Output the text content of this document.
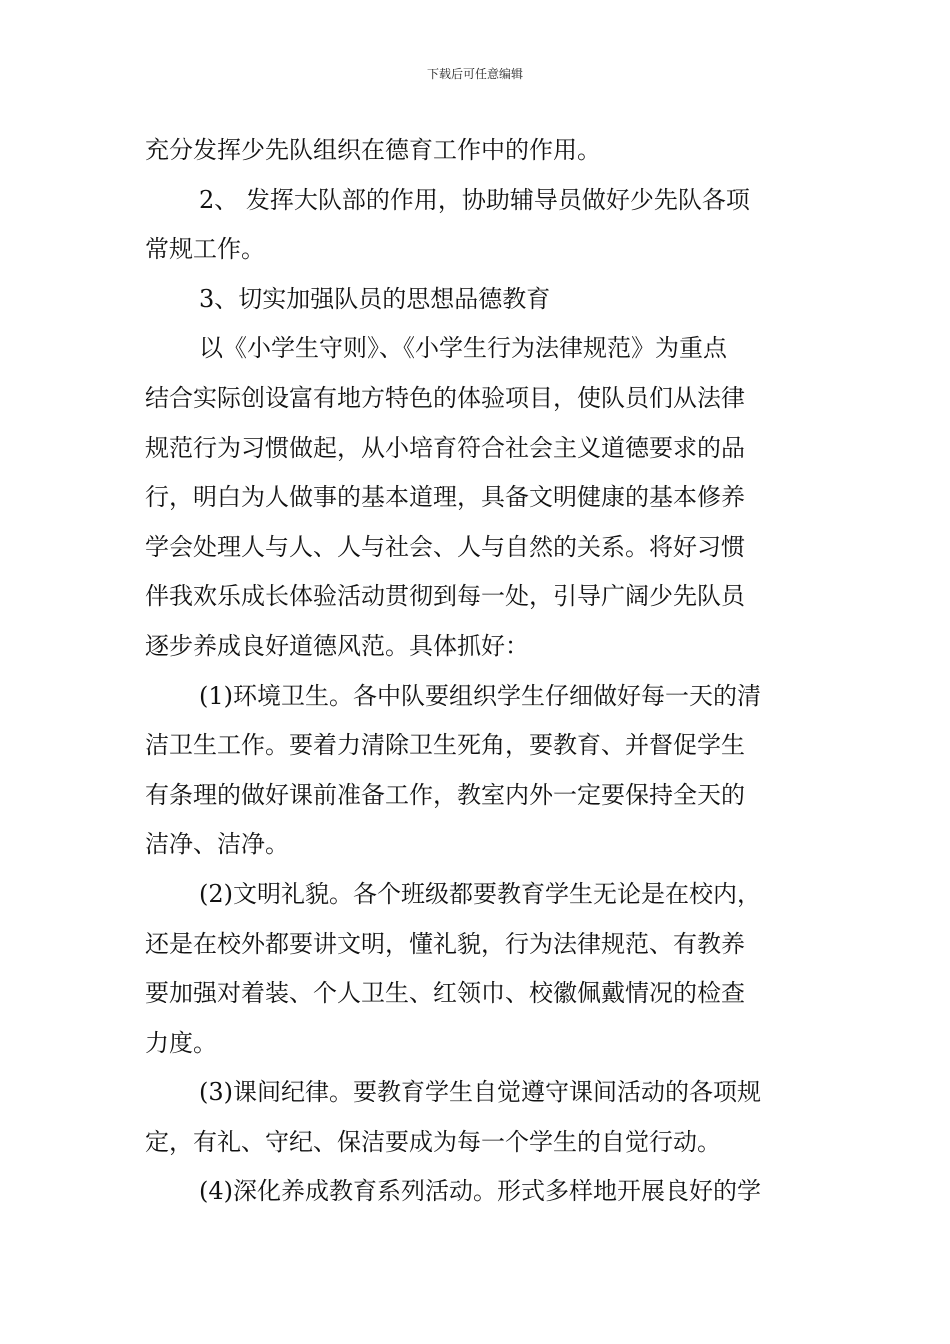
下载后可任意编辑
充分发挥少先队组织在德育工作中的作用。
2、 发挥大队部的作用，协助辅导员做好少先队各项
常规工作。
3、切实加强队员的思想品德教育
以《小学生守则》、《小学生行为法律规范》为重点
结合实际创设富有地方特色的体验项目，使队员们从法律
规范行为习惯做起，从小培育符合社会主义道德要求的品
行，明白为人做事的基本道理，具备文明健康的基本修养
学会处理人与人、人与社会、人与自然的关系。将好习惯
伴我欢乐成长体验活动贯彻到每一处，引导广阔少先队员
逐步养成良好道德风范。具体抓好：
(1)环境卫生。各中队要组织学生仔细做好每一天的清
洁卫生工作。要着力清除卫生死角，要教育、并督促学生
有条理的做好课前准备工作，教室内外一定要保持全天的
洁净、洁净。
(2)文明礼貌。各个班级都要教育学生无论是在校内，
还是在校外都要讲文明，懂礼貌，行为法律规范、有教养
要加强对着装、个人卫生、红领巾、校徽佩戴情况的检查
力度。
(3)课间纪律。要教育学生自觉遵守课间活动的各项规
定，有礼、守纪、保洁要成为每一个学生的自觉行动。
(4)深化养成教育系列活动。形式多样地开展良好的学
